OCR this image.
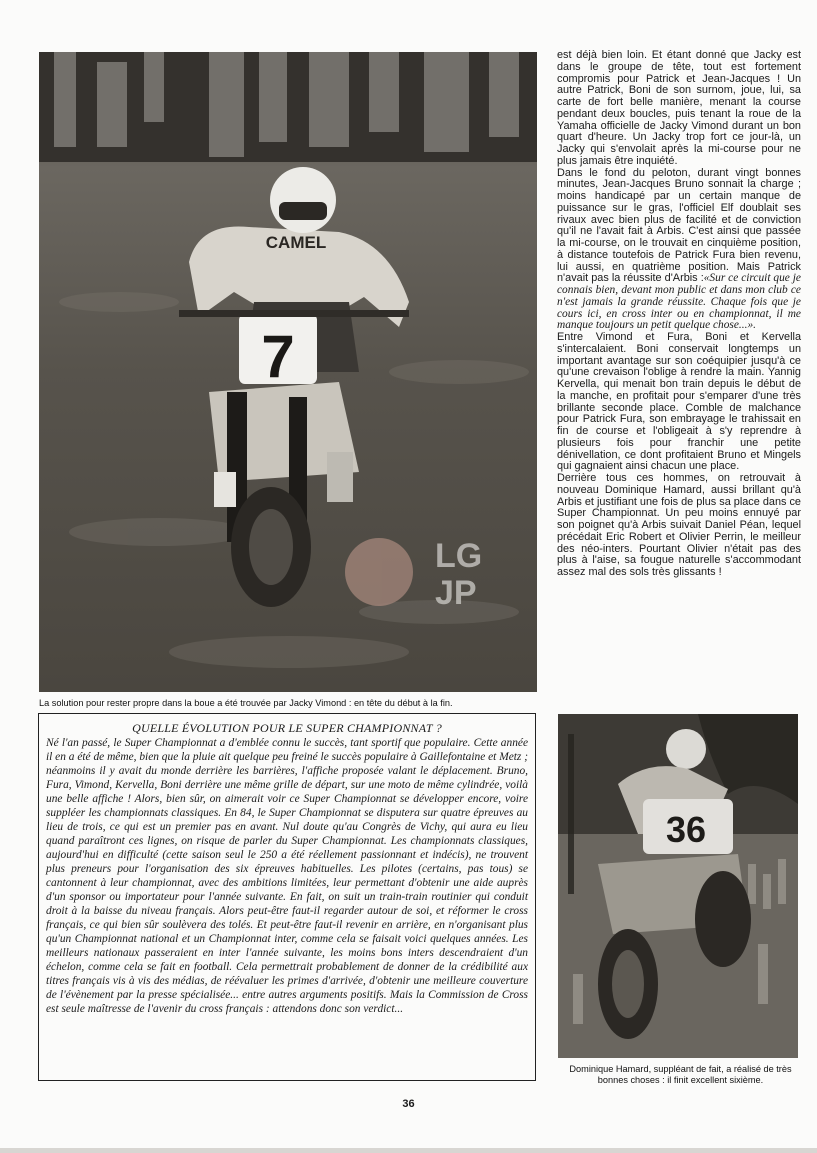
CAMEL
7
LG
JP
La solution pour rester propre dans la boue a été trouvée par Jacky Vimond : en tête du début à la fin.

est déjà bien loin. Et étant donné que Jacky est dans le groupe de tête, tout est fortement compromis pour Patrick et Jean-Jacques ! Un autre Patrick, Boni de son surnom, joue, lui, sa carte de fort belle manière, menant la course pendant deux boucles, puis tenant la roue de la Yamaha officielle de Jacky Vimond durant un bon quart d'heure. Un Jacky trop fort ce jour-là, un Jacky qui s'envolait après la mi-course pour ne plus jamais être inquiété.

Dans le fond du peloton, durant vingt bonnes minutes, Jean-Jacques Bruno sonnait la charge ; moins handicapé par un certain manque de puissance sur le gras, l'officiel Elf doublait ses rivaux avec bien plus de facilité et de conviction qu'il ne l'avait fait à Arbis. C'est ainsi que passée la mi-course, on le trouvait en cinquième position, à distance toutefois de Patrick Fura bien revenu, lui aussi, en quatrième position. Mais Patrick n'avait pas la réussite d'Arbis :«Sur ce circuit que je connais bien, devant mon public et dans mon club ce n'est jamais la grande réussite. Chaque fois que je cours ici, en cross inter ou en championnat, il me manque toujours un petit quelque chose...».

Entre Vimond et Fura, Boni et Kervella s'intercalaient. Boni conservait longtemps un important avantage sur son coéquipier jusqu'à ce qu'une crevaison l'oblige à rendre la main. Yannig Kervella, qui menait bon train depuis le début de la manche, en profitait pour s'emparer d'une très brillante seconde place. Comble de malchance pour Patrick Fura, son embrayage le trahissait en fin de course et l'obligeait à s'y reprendre à plusieurs fois pour franchir une petite dénivellation, ce dont profitaient Bruno et Mingels qui gagnaient ainsi chacun une place.

Derrière tous ces hommes, on retrouvait à nouveau Dominique Hamard, aussi brillant qu'à Arbis et justifiant une fois de plus sa place dans ce Super Championnat. Un peu moins ennuyé par son poignet qu'à Arbis suivait Daniel Péan, lequel précédait Eric Robert et Olivier Perrin, le meilleur des néo-inters. Pourtant Olivier n'était pas des plus à l'aise, sa fougue naturelle s'accommodant assez mal des sols très glissants !

QUELLE ÉVOLUTION POUR LE SUPER CHAMPIONNAT ?
Né l'an passé, le Super Championnat a d'emblée connu le succès, tant sportif que populaire. Cette année il en a été de même, bien que la pluie ait quelque peu freiné le succès populaire à Gaillefontaine et Metz ; néanmoins il y avait du monde derrière les barrières, l'affiche proposée valant le déplacement. Bruno, Fura, Vimond, Kervella, Boni derrière une même grille de départ, sur une moto de même cylindrée, voilà une belle affiche ! Alors, bien sûr, on aimerait voir ce Super Championnat se développer encore, voire suppléer les championnats classiques. En 84, le Super Championnat se disputera sur quatre épreuves au lieu de trois, ce qui est un premier pas en avant. Nul doute qu'au Congrès de Vichy, qui aura eu lieu quand paraîtront ces lignes, on risque de parler du Super Championnat. Les championnats classiques, aujourd'hui en difficulté (cette saison seul le 250 a été réellement passionnant et indécis), ne trouvent plus preneurs pour l'organisation des six épreuves habituelles. Les pilotes (certains, pas tous) se cantonnent à leur championnat, avec des ambitions limitées, leur permettant d'obtenir une aide auprès d'un sponsor ou importateur pour l'année suivante. En fait, on suit un train-train routinier qui conduit droit à la baisse du niveau français. Alors peut-être faut-il regarder autour de soi, et réformer le cross français, ce qui bien sûr soulèvera des tolés. Et peut-être faut-il revenir en arrière, en n'organisant plus qu'un Championnat national et un Championnat inter, comme cela se faisait voici quelques années. Les meilleurs nationaux passeraient en inter l'année suivante, les moins bons inters descendraient d'un échelon, comme cela se fait en football. Cela permettrait probablement de donner de la crédibilité aux titres français vis à vis des médias, de réévaluer les primes d'arrivée, d'obtenir une meilleure couverture de l'évènement par la presse spécialisée... entre autres arguments positifs. Mais la Commission de Cross est seule maîtresse de l'avenir du cross français : attendons donc son verdict...
36
Dominique Hamard, suppléant de fait, a réalisé de très bonnes choses : il finit excellent sixième.
36
